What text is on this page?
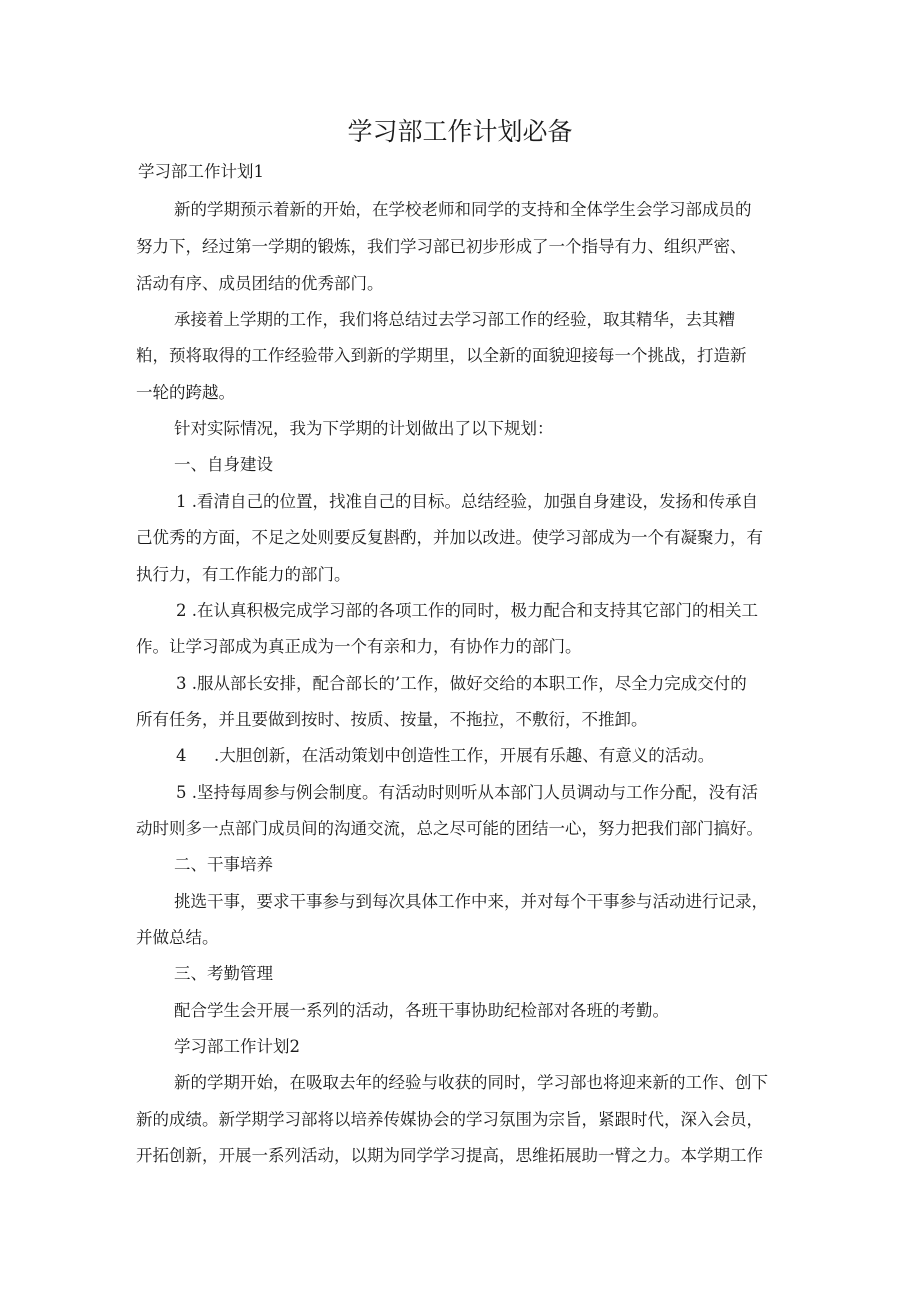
学习部工作计划必备

学习部工作计划1

新的学期预示着新的开始，在学校老师和同学的支持和全体学生会学习部成员的

努力下，经过第一学期的锻炼，我们学习部已初步形成了一个指导有力、组织严密、

活动有序、成员团结的优秀部门。

承接着上学期的工作，我们将总结过去学习部工作的经验，取其精华，去其糟

粕，预将取得的工作经验带入到新的学期里，以全新的面貌迎接每一个挑战，打造新

一轮的跨越。

针对实际情况，我为下学期的计划做出了以下规划：

一、自身建设

1 .看清自己的位置，找准自己的目标。总结经验，加强自身建设，发扬和传承自

己优秀的方面，不足之处则要反复斟酌，并加以改进。使学习部成为一个有凝聚力，有

执行力，有工作能力的部门。

2 .在认真积极完成学习部的各项工作的同时，极力配合和支持其它部门的相关工

作。让学习部成为真正成为一个有亲和力，有协作力的部门。

3 .服从部长安排，配合部长的’工作，做好交给的本职工作，尽全力完成交付的

所有任务，并且要做到按时、按质、按量，不拖拉，不敷衍，不推卸。

4 .大胆创新，在活动策划中创造性工作，开展有乐趣、有意义的活动。

5 .坚持每周参与例会制度。有活动时则听从本部门人员调动与工作分配，没有活

动时则多一点部门成员间的沟通交流，总之尽可能的团结一心，努力把我们部门搞好。

二、干事培养

挑选干事，要求干事参与到每次具体工作中来，并对每个干事参与活动进行记录，

并做总结。

三、考勤管理

配合学生会开展一系列的活动，各班干事协助纪检部对各班的考勤。

学习部工作计划2

新的学期开始，在吸取去年的经验与收获的同时，学习部也将迎来新的工作、创下

新的成绩。新学期学习部将以培养传媒协会的学习氛围为宗旨，紧跟时代，深入会员，

开拓创新，开展一系列活动，以期为同学学习提高，思维拓展助一臂之力。本学期工作
